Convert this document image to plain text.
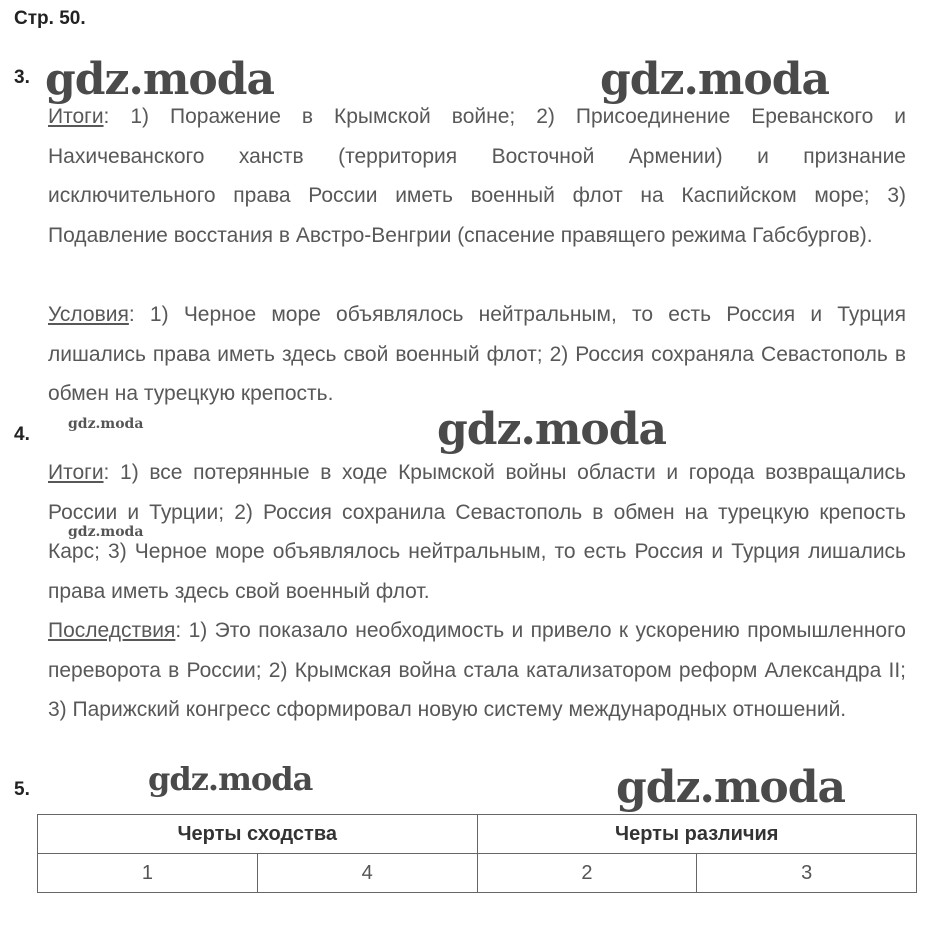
Стр. 50.
3. gdz.moda	gdz.moda
Итоги: 1) Поражение в Крымской войне; 2) Присоединение Ереванского и Нахичеванского ханств (территория Восточной Армении) и признание исключительного права России иметь военный флот на Каспийском море; 3) Подавление восстания в Австро-Венгрии (спасение правящего режима Габсбургов).
Условия: 1) Черное море объявлялось нейтральным, то есть Россия и Турция лишались права иметь здесь свой военный флот; 2) Россия сохраняла Севастополь в обмен на турецкую крепость.
4.	gdz.moda	gdz.moda
gdz.moda
Итоги: 1) все потерянные в ходе Крымской войны области и города возвращались России и Турции; 2) Россия сохранила Севастополь в обмен на турецкую крепость Карс; 3) Черное море объявлялось нейтральным, то есть Россия и Турция лишались права иметь здесь свой военный флот.
Последствия: 1) Это показало необходимость и привело к ускорению промышленного переворота в России; 2) Крымская война стала катализатором реформ Александра II; 3) Парижский конгресс сформировал новую систему международных отношений.
5.	gdz.moda	gdz.moda
Черты сходства		Черты различия	
1	4	2	3
